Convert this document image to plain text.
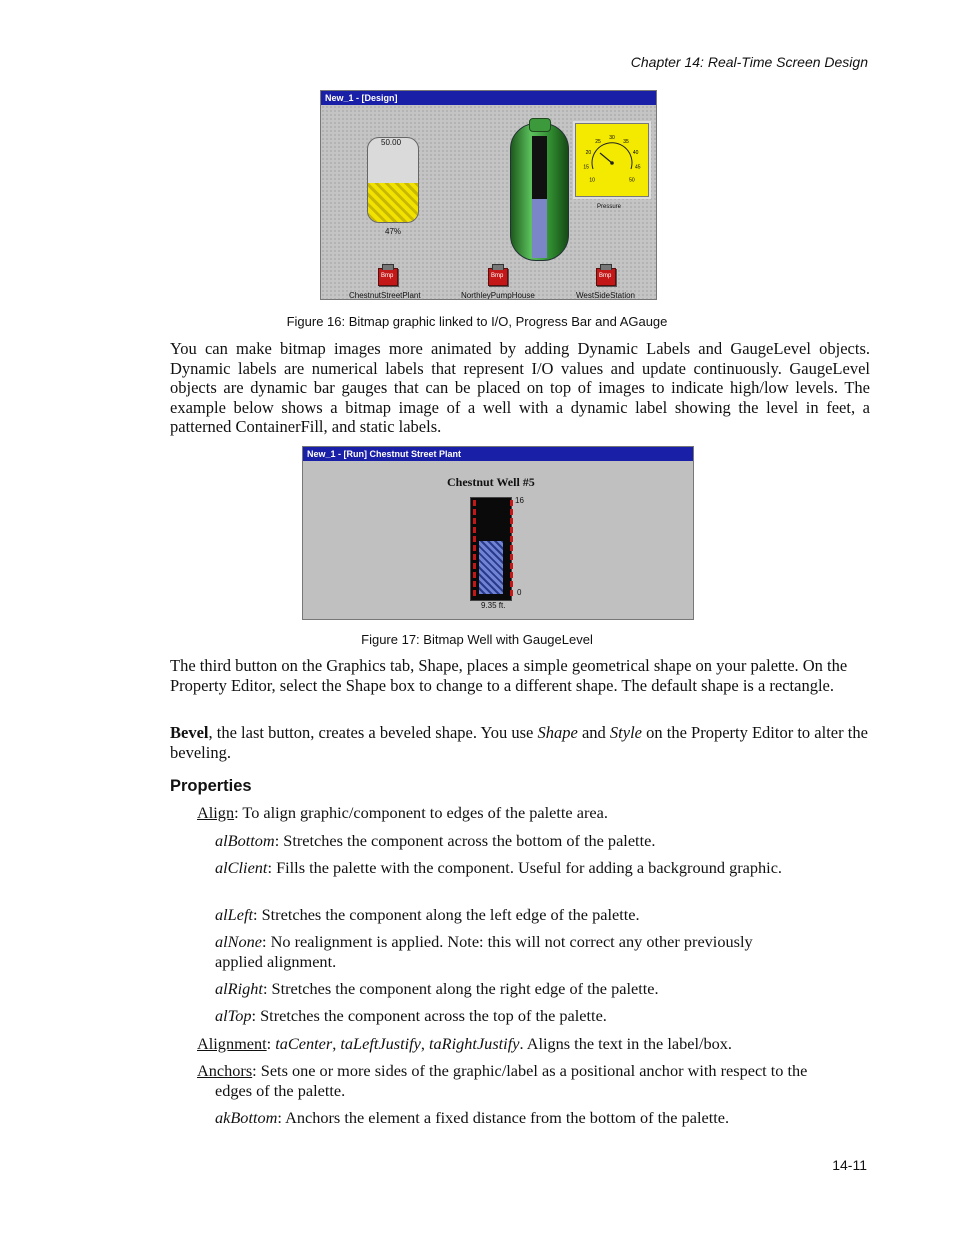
Chapter 14: Real-Time Screen Design
New_1 - [Design]
50.00
47%
10
15
20
25
30
35
40
45
50
Pressure
Bmp	Bmp	Bmp
ChestnutStreetPlant	NorthleyPumpHouse	WestSideStation
Figure 16: Bitmap graphic linked to I/O, Progress Bar and AGauge

You can make bitmap images more animated by adding Dynamic Labels and GaugeLevel objects. Dynamic labels are numerical labels that represent I/O values and update continuously. GaugeLevel objects are dynamic bar gauges that can be placed on top of images to indicate high/low levels. The example below shows a bitmap image of a well with a dynamic label showing the level in feet, a patterned ContainerFill, and static labels.

New_1 - [Run] Chestnut Street Plant
Chestnut Well #5
16
0
9.35 ft.
Figure 17: Bitmap Well with GaugeLevel

The third button on the Graphics tab, Shape, places a simple geometrical shape on your palette. On the Property Editor, select the Shape box to change to a different shape. The default shape is a rectangle.

Bevel, the last button, creates a beveled shape. You use Shape and Style on the Property Editor to alter the beveling.

Properties

Align: To align graphic/component to edges of the palette area.

alBottom: Stretches the component across the bottom of the palette.

alClient: Fills the palette with the component. Useful for adding a background graphic.

alLeft: Stretches the component along the left edge of the palette.

alNone: No realignment is applied. Note: this will not correct any other previously applied alignment.

alRight: Stretches the component along the right edge of the palette.

alTop: Stretches the component across the top of the palette.

Alignment: taCenter, taLeftJustify, taRightJustify. Aligns the text in the label/box.

Anchors: Sets one or more sides of the graphic/label as a positional anchor with respect to the edges of the palette.

akBottom: Anchors the element a fixed distance from the bottom of the palette.

14-11
